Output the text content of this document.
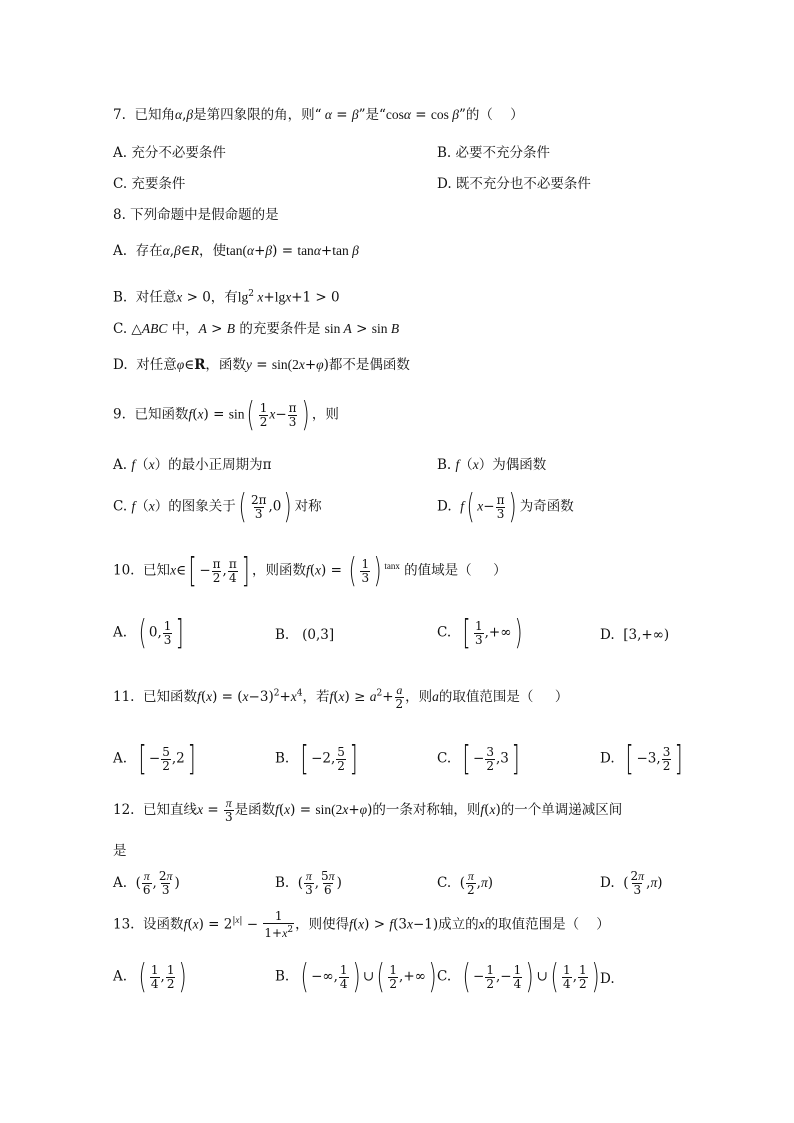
7.  已知角α,β是第四象限的角，则“ α = β”是“cosα = cos β”的（    ）
A. 充分不必要条件	B. 必要不充分条件
C. 充要条件	D. 既不充分也不必要条件
8. 下列命题中是假命题的是
A.  存在α,β∈R，使tan(α+β) = tanα+tan β
B.  对任意x > 0，有$\lg^2 x+\lg x+1 > 0$
C. △ABC 中，A > B 的充要条件是 sin A > sin B
D.  对任意φ∈R，函数y = sin(2x+φ)都不是偶函数
9.  已知函数$f(x) = \sin( \frac{1}{2} x- \frac{\pi}{3}$ ) ，则
A. f（x）的最小正周期为π	B. f（x）为偶函数
C. f（x）的图象关于( $\frac{2\pi}{3} ,0$) 对称	D.  f( $x- \frac{\pi}{3}$ ) 为奇函数
10.  已知x∈[ − $\frac{\pi}{2}$ , $\frac{\pi}{4}$ ] ，则函数f(x) = ( $\frac{1}{3}$ ) $^{tanx}$ 的值域是（     ）
A.  ( 0, $\frac{1}{3}$ ]	B.   (0,3]	C.  [ $\frac{1}{3}$ ,+∞)	D.  [3,+∞)
11.  已知函数$f(x) = (x-3)^2+x^4$，若$f(x) \ge a^2+ \frac{a}{2}$ ，则a的取值范围是（     ）
A.  [ − $\frac{5}{2} ,2$]	B.  [ −2, $\frac{5}{2}$ ]	C.  [ − $\frac{3}{2} ,3$]	D.  [ −3, $\frac{3}{2}$ ]
12.  已知直线$x = \frac{\pi}{3}$ 是函数f(x) = sin(2x+φ)的一条对称轴，则f(x)的一个单调递减区间
是
A.  ( $\frac{\pi}{6}$ , $\frac{2\pi}{3}$ )	B.  ( $\frac{\pi}{3}$ , $\frac{5\pi}{6}$ )	C.  ( $\frac{\pi}{2} ,\pi$)	D.  ( $\frac{2\pi}{3} ,\pi$)
13.  设函数$f(x) = 2^{|x|} - \frac{1}{1+x^2}$ ，则使得f(x) > f(3x−1)成立的x的取值范围是（    ）
A.  ( $\frac{1}{4}$ , $\frac{1}{2}$ )	B.  ( −∞, $\frac{1}{4}$ ) ∪( $\frac{1}{2}$ ,+∞) C.  ( − $\frac{1}{2}$ ,− $\frac{1}{4}$ ) ∪( $\frac{1}{4}$ , $\frac{1}{2}$ ) D.
